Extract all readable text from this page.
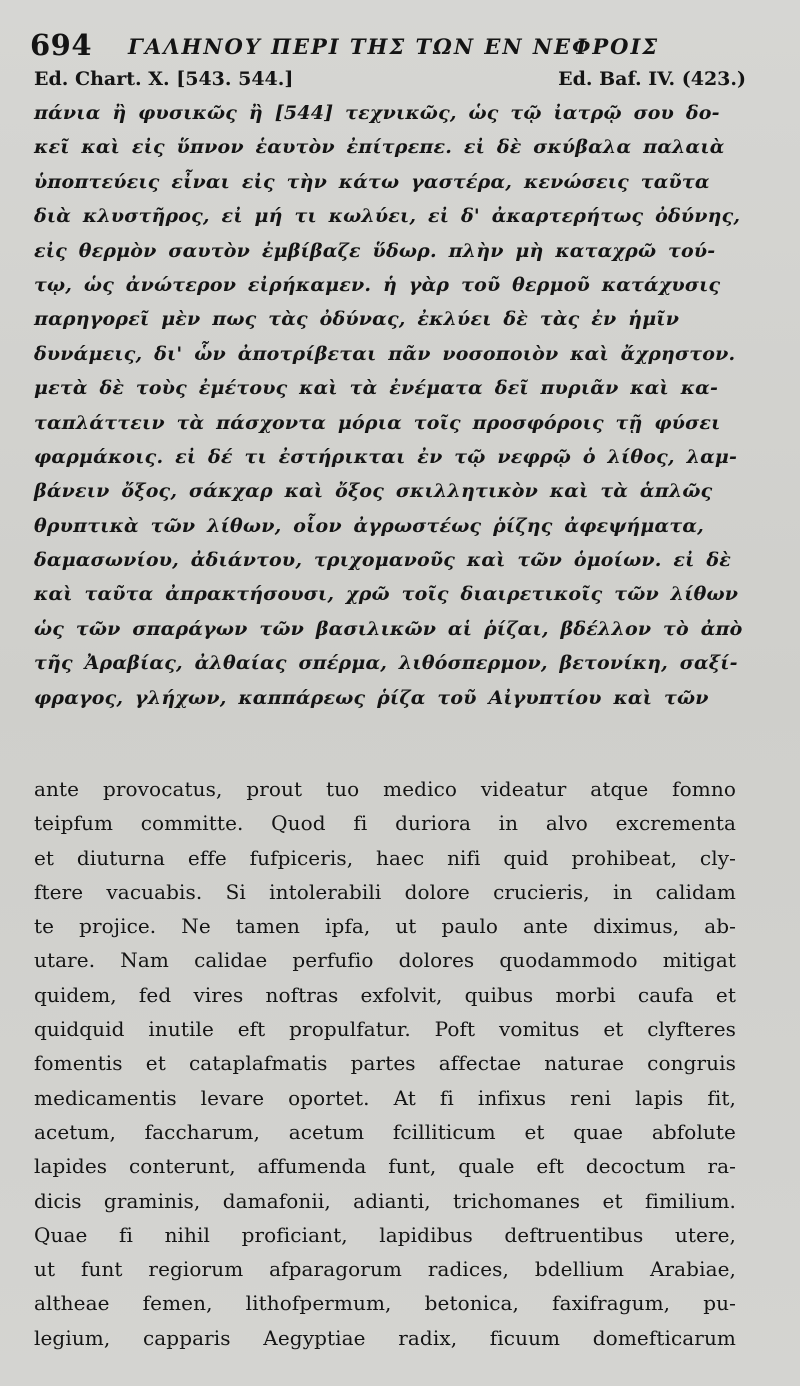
694 ΓΑΛΗΝΟΥ ΠΕΡΙ ΤΗΣ ΤΩΝ ΕΝ ΝΕΦΡΟΙΣ
Ed. Chart. X. [543. 544.]	Ed. Baf. IV. (423.)
πάνια ἢ φυσικῶς ἢ [544] τεχνικῶς, ὡς τῷ ἰατρῷ σου δο-
κεῖ καὶ εἰς ὕπνον ἑαυτὸν ἐπίτρεπε. εἰ δὲ σκύβαλα παλαιὰ
ὑποπτεύεις εἶναι εἰς τὴν κάτω γαστέρα, κενώσεις ταῦτα
διὰ κλυστῆρος, εἰ μή τι κωλύει, εἰ δ' ἀκαρτερήτως ὀδύνης,
εἰς θερμὸν σαυτὸν ἐμβίβαζε ὕδωρ. πλὴν μὴ καταχρῶ τού-
τῳ, ὡς ἀνώτερον εἰρήκαμεν. ἡ γὰρ τοῦ θερμοῦ κατάχυσις
παρηγορεῖ μὲν πως τὰς ὀδύνας, ἐκλύει δὲ τὰς ἐν ἡμῖν
δυνάμεις, δι' ὧν ἀποτρίβεται πᾶν νοσοποιὸν καὶ ἄχρηστον.
μετὰ δὲ τοὺς ἐμέτους καὶ τὰ ἐνέματα δεῖ πυριᾶν καὶ κα-
ταπλάττειν τὰ πάσχοντα μόρια τοῖς προσφόροις τῇ φύσει
φαρμάκοις. εἰ δέ τι ἐστήρικται ἐν τῷ νεφρῷ ὁ λίθος, λαμ-
βάνειν ὄξος, σάκχαρ καὶ ὄξος σκιλλητικὸν καὶ τὰ ἁπλῶς
θρυπτικὰ τῶν λίθων, οἷον ἀγρωστέως ῥίζης ἀφεψήματα,
δαμασωνίου, ἀδιάντου, τριχομανοῦς καὶ τῶν ὁμοίων. εἰ δὲ
καὶ ταῦτα ἀπρακτήσουσι, χρῶ τοῖς διαιρετικοῖς τῶν λίθων
ὡς τῶν σπαράγων τῶν βασιλικῶν αἱ ῥίζαι, βδέλλον τὸ ἀπὸ
τῆς Ἀραβίας, ἀλθαίας σπέρμα, λιθόσπερμον, βετονίκη, σαξί-
φραγος, γλήχων, καππάρεως ῥίζα τοῦ Αἰγυπτίου καὶ τῶν
ante provocatus, prout tuo medico videatur atque fomno
teipfum committe. Quod fi duriora in alvo excrementa
et diuturna effe fufpiceris, haec nifi quid prohibeat, cly-
ftere vacuabis. Si intolerabili dolore crucieris, in calidam
te projice. Ne tamen ipfa, ut paulo ante diximus, ab-
utare. Nam calidae perfufio dolores quodammodo mitigat
quidem, fed vires noftras exfolvit, quibus morbi caufa et
quidquid inutile eft propulfatur. Poft vomitus et clyfteres
fomentis et cataplafmatis partes affectae naturae congruis
medicamentis levare oportet. At fi infixus reni lapis fit,
acetum, faccharum, acetum fcilliticum et quae abfolute
lapides conterunt, affumenda funt, quale eft decoctum ra-
dicis graminis, damafonii, adianti, trichomanes et fimilium.
Quae fi nihil proficiant, lapidibus deftruentibus utere,
ut funt regiorum afparagorum radices, bdellium Arabiae,
altheae femen, lithofpermum, betonica, faxifragum, pu-
legium, capparis Aegyptiae radix, ficuum domefticarum
